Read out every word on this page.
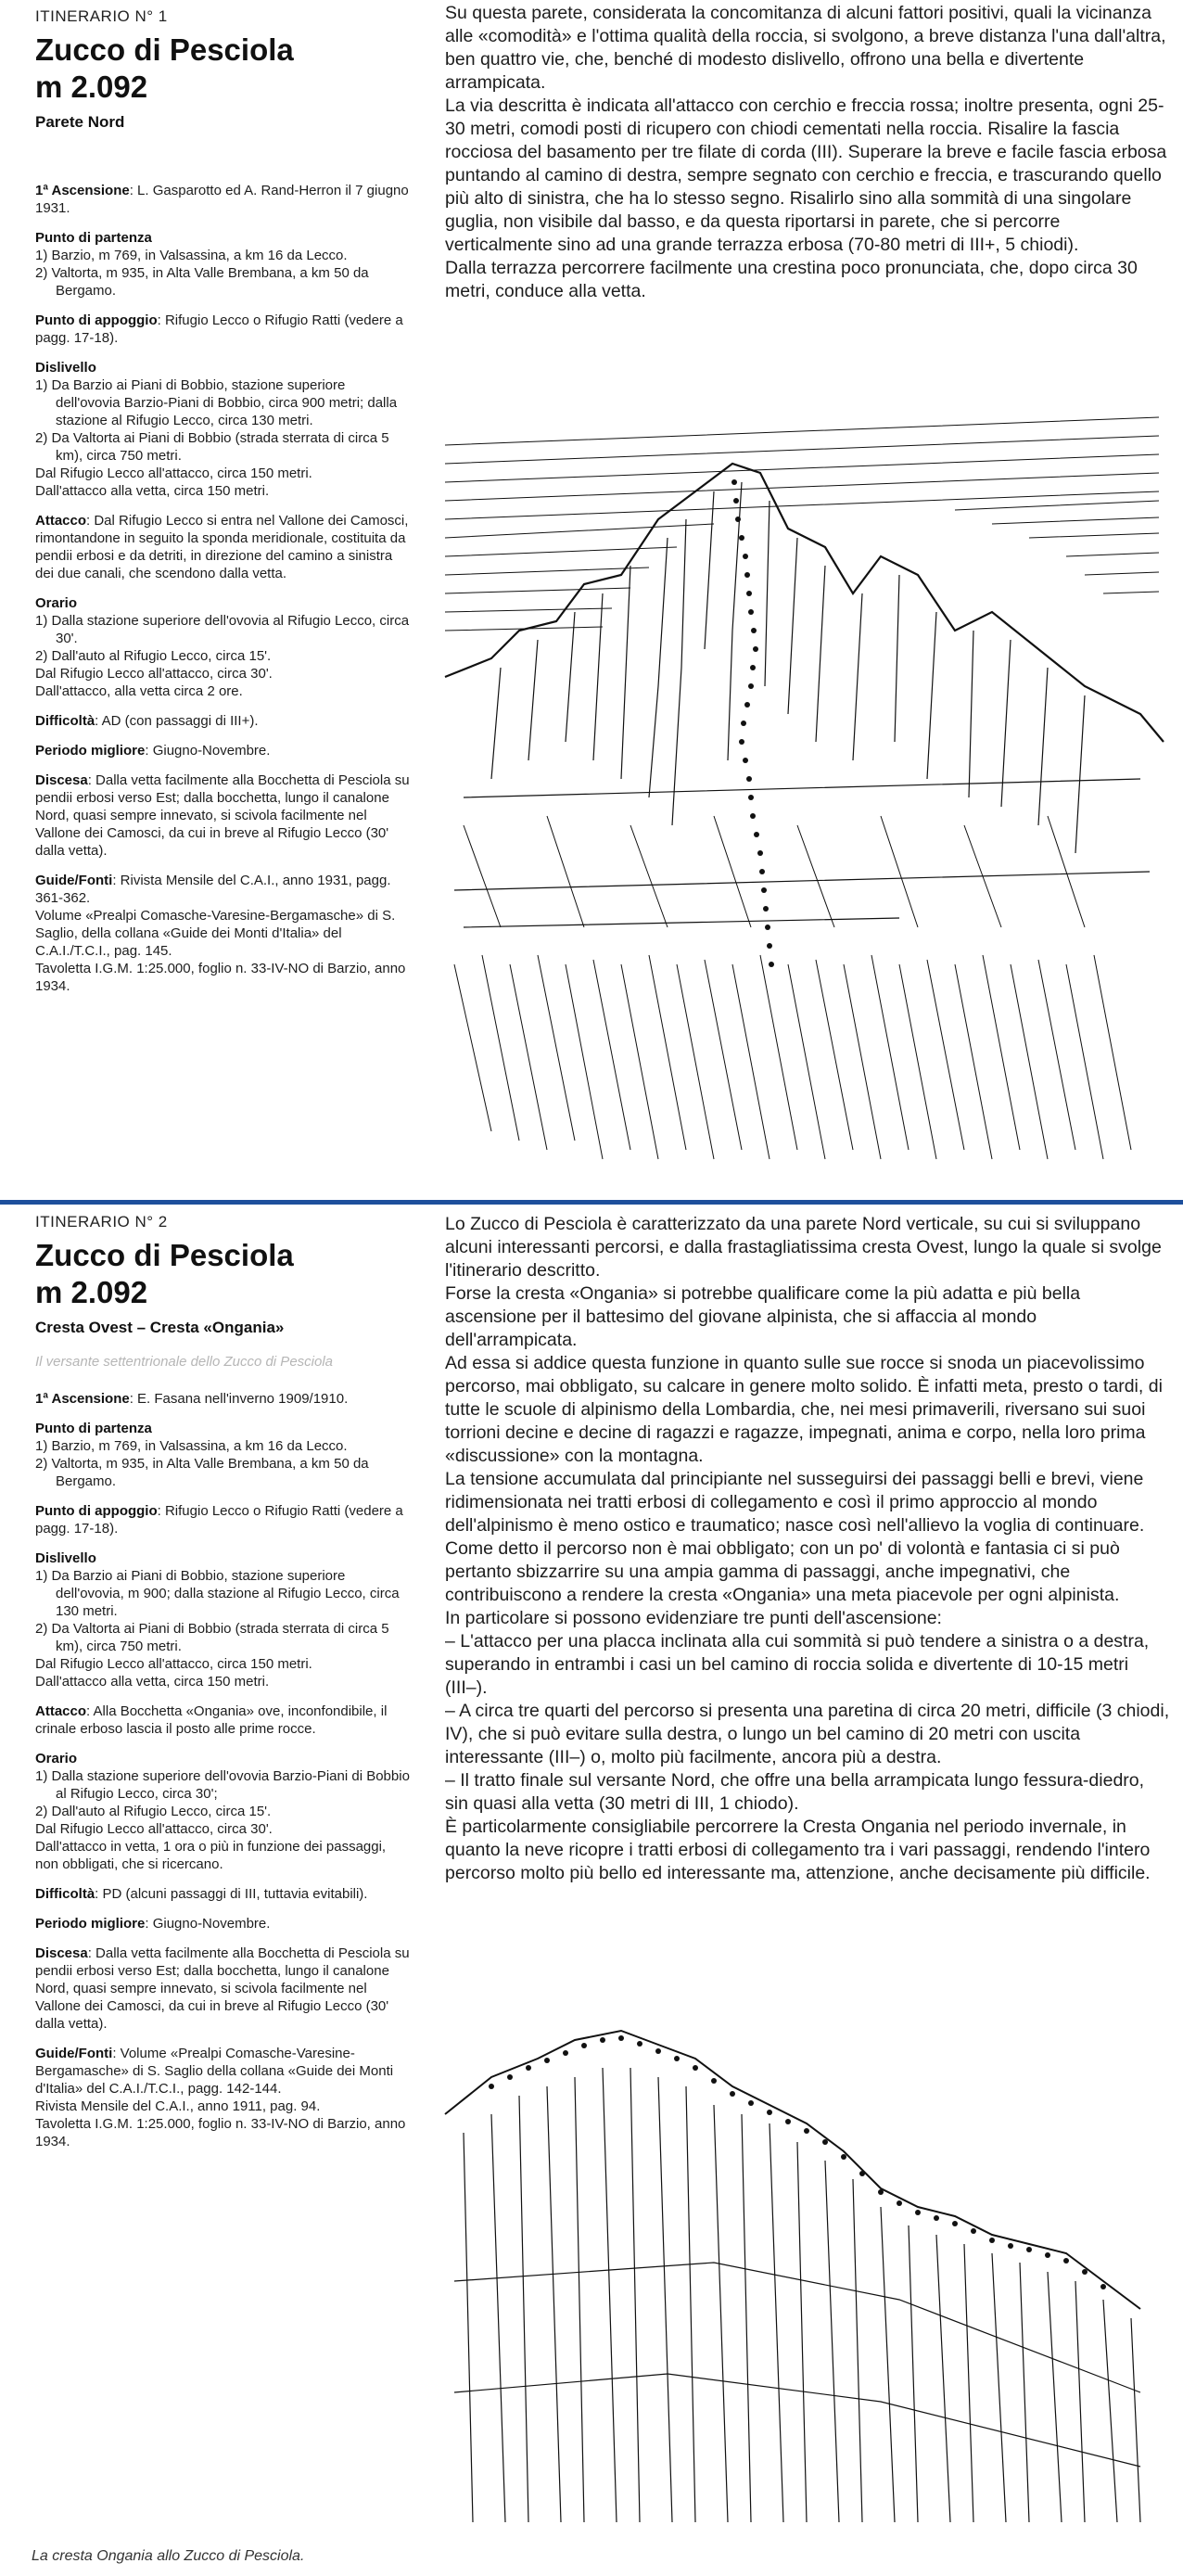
ITINERARIO N° 1
Zucco di Pesciola
m 2.092
Parete Nord
1ª Ascensione: L. Gasparotto ed A. Rand-Herron il 7 giugno 1931.
Punto di partenza
1) Barzio, m 769, in Valsassina, a km 16 da Lecco.
2) Valtorta, m 935, in Alta Valle Brembana, a km 50 da Bergamo.
Punto di appoggio: Rifugio Lecco o Rifugio Ratti (vedere a pagg. 17-18).
Dislivello
1) Da Barzio ai Piani di Bobbio, stazione superiore dell'ovovia Barzio-Piani di Bobbio, circa 900 metri; dalla stazione al Rifugio Lecco, circa 130 metri.
2) Da Valtorta ai Piani di Bobbio (strada sterrata di circa 5 km), circa 750 metri.
Dal Rifugio Lecco all'attacco, circa 150 metri.
Dall'attacco alla vetta, circa 150 metri.
Attacco: Dal Rifugio Lecco si entra nel Vallone dei Camosci, rimontandone in seguito la sponda meridionale, costituita da pendii erbosi e da detriti, in direzione del camino a sinistra dei due canali, che scendono dalla vetta.
Orario
1) Dalla stazione superiore dell'ovovia al Rifugio Lecco, circa 30'.
2) Dall'auto al Rifugio Lecco, circa 15'.
Dal Rifugio Lecco all'attacco, circa 30'.
Dall'attacco, alla vetta circa 2 ore.
Difficoltà: AD (con passaggi di III+).
Periodo migliore: Giugno-Novembre.
Discesa: Dalla vetta facilmente alla Bocchetta di Pesciola su pendii erbosi verso Est; dalla bocchetta, lungo il canalone Nord, quasi sempre innevato, si scivola facilmente nel Vallone dei Camosci, da cui in breve al Rifugio Lecco (30' dalla vetta).
Guide/Fonti: Rivista Mensile del C.A.I., anno 1931, pagg. 361-362.
Volume «Prealpi Comasche-Varesine-Bergamasche» di S. Saglio, della collana «Guide dei Monti d'Italia» del C.A.I./T.C.I., pag. 145.
Tavoletta I.G.M. 1:25.000, foglio n. 33-IV-NO di Barzio, anno 1934.

Su questa parete, considerata la concomitanza di alcuni fattori positivi, quali la vicinanza alle «comodità» e l'ottima qualità della roccia, si svolgono, a breve distanza l'una dall'altra, ben quattro vie, che, benché di modesto dislivello, offrono una bella e divertente arrampicata.

La via descritta è indicata all'attacco con cerchio e freccia rossa; inoltre presenta, ogni 25-30 metri, comodi posti di ricupero con chiodi cementati nella roccia. Risalire la fascia rocciosa del basamento per tre filate di corda (III). Superare la breve e facile fascia erbosa puntando al camino di destra, sempre segnato con cerchio e freccia, e trascurando quello più alto di sinistra, che ha lo stesso segno. Risalirlo sino alla sommità di una singolare guglia, non visibile dal basso, e da questa riportarsi in parete, che si percorre verticalmente sino ad una grande terrazza erbosa (70-80 metri di III+, 5 chiodi).

Dalla terrazza percorrere facilmente una crestina poco pronunciata, che, dopo circa 30 metri, conduce alla vetta.

ITINERARIO N° 2
Zucco di Pesciola
m 2.092
Cresta Ovest – Cresta «Ongania»
Il versante settentrionale dello Zucco di Pesciola
1ª Ascensione: E. Fasana nell'inverno 1909/1910.
Punto di partenza
1) Barzio, m 769, in Valsassina, a km 16 da Lecco.
2) Valtorta, m 935, in Alta Valle Brembana, a km 50 da Bergamo.
Punto di appoggio: Rifugio Lecco o Rifugio Ratti (vedere a pagg. 17-18).
Dislivello
1) Da Barzio ai Piani di Bobbio, stazione superiore dell'ovovia, m 900; dalla stazione al Rifugio Lecco, circa 130 metri.
2) Da Valtorta ai Piani di Bobbio (strada sterrata di circa 5 km), circa 750 metri.
Dal Rifugio Lecco all'attacco, circa 150 metri.
Dall'attacco alla vetta, circa 150 metri.
Attacco: Alla Bocchetta «Ongania» ove, inconfondibile, il crinale erboso lascia il posto alle prime rocce.
Orario
1) Dalla stazione superiore dell'ovovia Barzio-Piani di Bobbio al Rifugio Lecco, circa 30';
2) Dall'auto al Rifugio Lecco, circa 15'.
Dal Rifugio Lecco all'attacco, circa 30'.
Dall'attacco in vetta, 1 ora o più in funzione dei passaggi, non obbligati, che si ricercano.
Difficoltà: PD (alcuni passaggi di III, tuttavia evitabili).
Periodo migliore: Giugno-Novembre.
Discesa: Dalla vetta facilmente alla Bocchetta di Pesciola su pendii erbosi verso Est; dalla bocchetta, lungo il canalone Nord, quasi sempre innevato, si scivola facilmente nel Vallone dei Camosci, da cui in breve al Rifugio Lecco (30' dalla vetta).
Guide/Fonti: Volume «Prealpi Comasche-Varesine-Bergamasche» di S. Saglio della collana «Guide dei Monti d'Italia» del C.A.I./T.C.I., pagg. 142-144.
Rivista Mensile del C.A.I., anno 1911, pag. 94.
Tavoletta I.G.M. 1:25.000, foglio n. 33-IV-NO di Barzio, anno 1934.

Lo Zucco di Pesciola è caratterizzato da una parete Nord verticale, su cui si sviluppano alcuni interessanti percorsi, e dalla frastagliatissima cresta Ovest, lungo la quale si svolge l'itinerario descritto.

Forse la cresta «Ongania» si potrebbe qualificare come la più adatta e più bella ascensione per il battesimo del giovane alpinista, che si affaccia al mondo dell'arrampicata.

Ad essa si addice questa funzione in quanto sulle sue rocce si snoda un piacevolissimo percorso, mai obbligato, su calcare in genere molto solido. È infatti meta, presto o tardi, di tutte le scuole di alpinismo della Lombardia, che, nei mesi primaverili, riversano sui suoi torrioni decine e decine di ragazzi e ragazze, impegnati, anima e corpo, nella loro prima «discussione» con la montagna.

La tensione accumulata dal principiante nel susseguirsi dei passaggi belli e brevi, viene ridimensionata nei tratti erbosi di collegamento e così il primo approccio al mondo dell'alpinismo è meno ostico e traumatico; nasce così nell'allievo la voglia di continuare.

Come detto il percorso non è mai obbligato; con un po' di volontà e fantasia ci si può pertanto sbizzarrire su una ampia gamma di passaggi, anche impegnativi, che contribuiscono a rendere la cresta «Ongania» una meta piacevole per ogni alpinista.

In particolare si possono evidenziare tre punti dell'ascensione:

– L'attacco per una placca inclinata alla cui sommità si può tendere a sinistra o a destra, superando in entrambi i casi un bel camino di roccia solida e divertente di 10-15 metri (III–).

– A circa tre quarti del percorso si presenta una paretina di circa 20 metri, difficile (3 chiodi, IV), che si può evitare sulla destra, o lungo un bel camino di 20 metri con uscita interessante (III–) o, molto più facilmente, ancora più a destra.

– Il tratto finale sul versante Nord, che offre una bella arrampicata lungo fessura-diedro, sin quasi alla vetta (30 metri di III, 1 chiodo).

È particolarmente consigliabile percorrere la Cresta Ongania nel periodo invernale, in quanto la neve ricopre i tratti erbosi di collegamento tra i vari passaggi, rendendo l'intero percorso molto più bello ed interessante ma, attenzione, anche decisamente più difficile.

La cresta Ongania allo Zucco di Pesciola.
